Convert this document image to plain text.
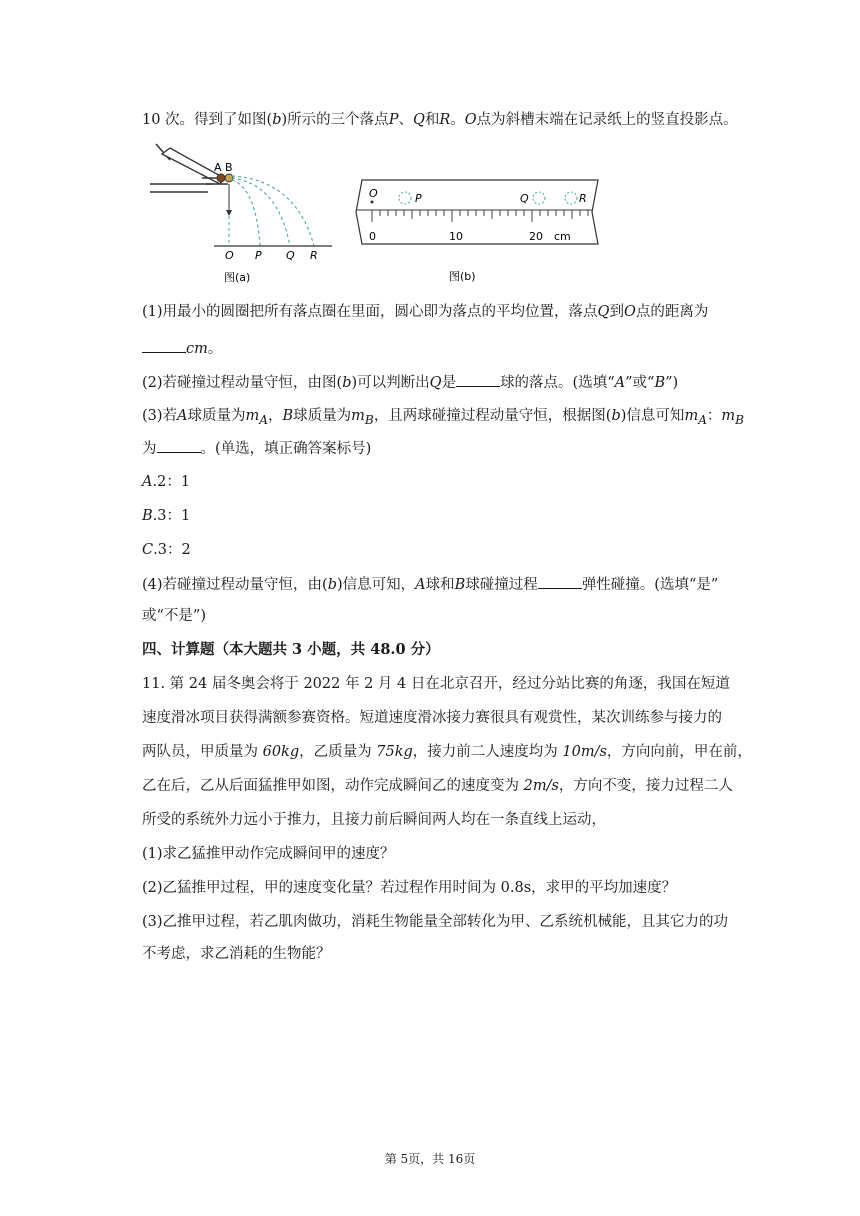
10 次。得到了如图(b)所示的三个落点P、Q和R。O点为斜槽末端在记录纸上的竖直投影点。
A B
O P Q R
图(a)
O	P	Q	R
0	10	20 cm
图(b)
(1)用最小的圆圈把所有落点圈在里面，圆心即为落点的平均位置，落点Q到O点的距离为
cm。
(2)若碰撞过程动量守恒，由图(b)可以判断出Q是	球的落点。(选填“A”或“B”)
(3)若A球质量为$m_A$，B球质量为$m_B$，且两球碰撞过程动量守恒，根据图(b)信息可知$m_A$：$m_B$
为	。(单选，填正确答案标号)
A.2：1
B.3：1
C.3：2
(4)若碰撞过程动量守恒，由(b)信息可知，A球和B球碰撞过程	弹性碰撞。(选填“是”
或“不是”)
四、计算题（本大题共 3 小题，共 48.0 分）
11. 第 24 届冬奥会将于 2022 年 2 月 4 日在北京召开，经过分站比赛的角逐，我国在短道
速度滑冰项目获得满额参赛资格。短道速度滑冰接力赛很具有观赏性，某次训练参与接力的
两队员，甲质量为 60kg，乙质量为 75kg，接力前二人速度均为 10m/s，方向向前，甲在前，
乙在后，乙从后面猛推甲如图，动作完成瞬间乙的速度变为 2m/s，方向不变，接力过程二人
所受的系统外力远小于推力，且接力前后瞬间两人均在一条直线上运动，
(1)求乙猛推甲动作完成瞬间甲的速度？
(2)乙猛推甲过程，甲的速度变化量？若过程作用时间为 0.8s，求甲的平均加速度？
(3)乙推甲过程，若乙肌肉做功，消耗生物能量全部转化为甲、乙系统机械能，且其它力的功
不考虑，求乙消耗的生物能？
第 5页，共 16页
